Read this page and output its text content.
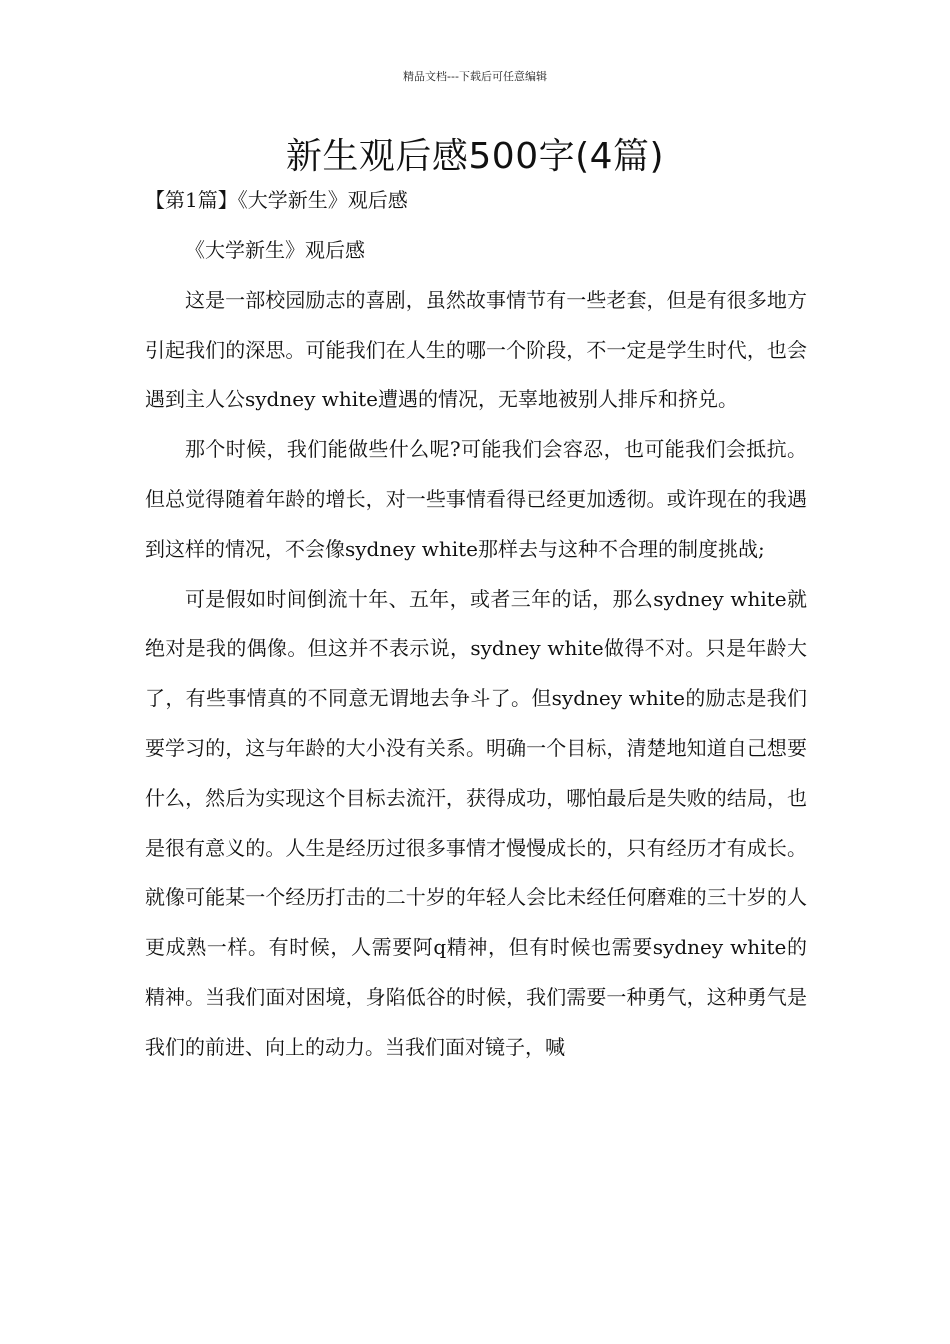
精品文档---下载后可任意编辑
新生观后感500字(4篇)
【第1篇】《大学新生》观后感

《大学新生》观后感

这是一部校园励志的喜剧，虽然故事情节有一些老套，但是有很多地方引起我们的深思。可能我们在人生的哪一个阶段，不一定是学生时代，也会遇到主人公sydney white遭遇的情况，无辜地被别人排斥和挤兑。

那个时候，我们能做些什么呢?可能我们会容忍，也可能我们会抵抗。但总觉得随着年龄的增长，对一些事情看得已经更加透彻。或许现在的我遇到这样的情况，不会像sydney white那样去与这种不合理的制度挑战;

可是假如时间倒流十年、五年，或者三年的话，那么sydney white就绝对是我的偶像。但这并不表示说，sydney white做得不对。只是年龄大了，有些事情真的不同意无谓地去争斗了。但sydney white的励志是我们要学习的，这与年龄的大小没有关系。明确一个目标，清楚地知道自己想要什么，然后为实现这个目标去流汗，获得成功，哪怕最后是失败的结局，也是很有意义的。人生是经历过很多事情才慢慢成长的，只有经历才有成长。就像可能某一个经历打击的二十岁的年轻人会比未经任何磨难的三十岁的人更成熟一样。有时候，人需要阿q精神，但有时候也需要sydney white的精神。当我们面对困境，身陷低谷的时候，我们需要一种勇气，这种勇气是我们的前进、向上的动力。当我们面对镜子，喊
